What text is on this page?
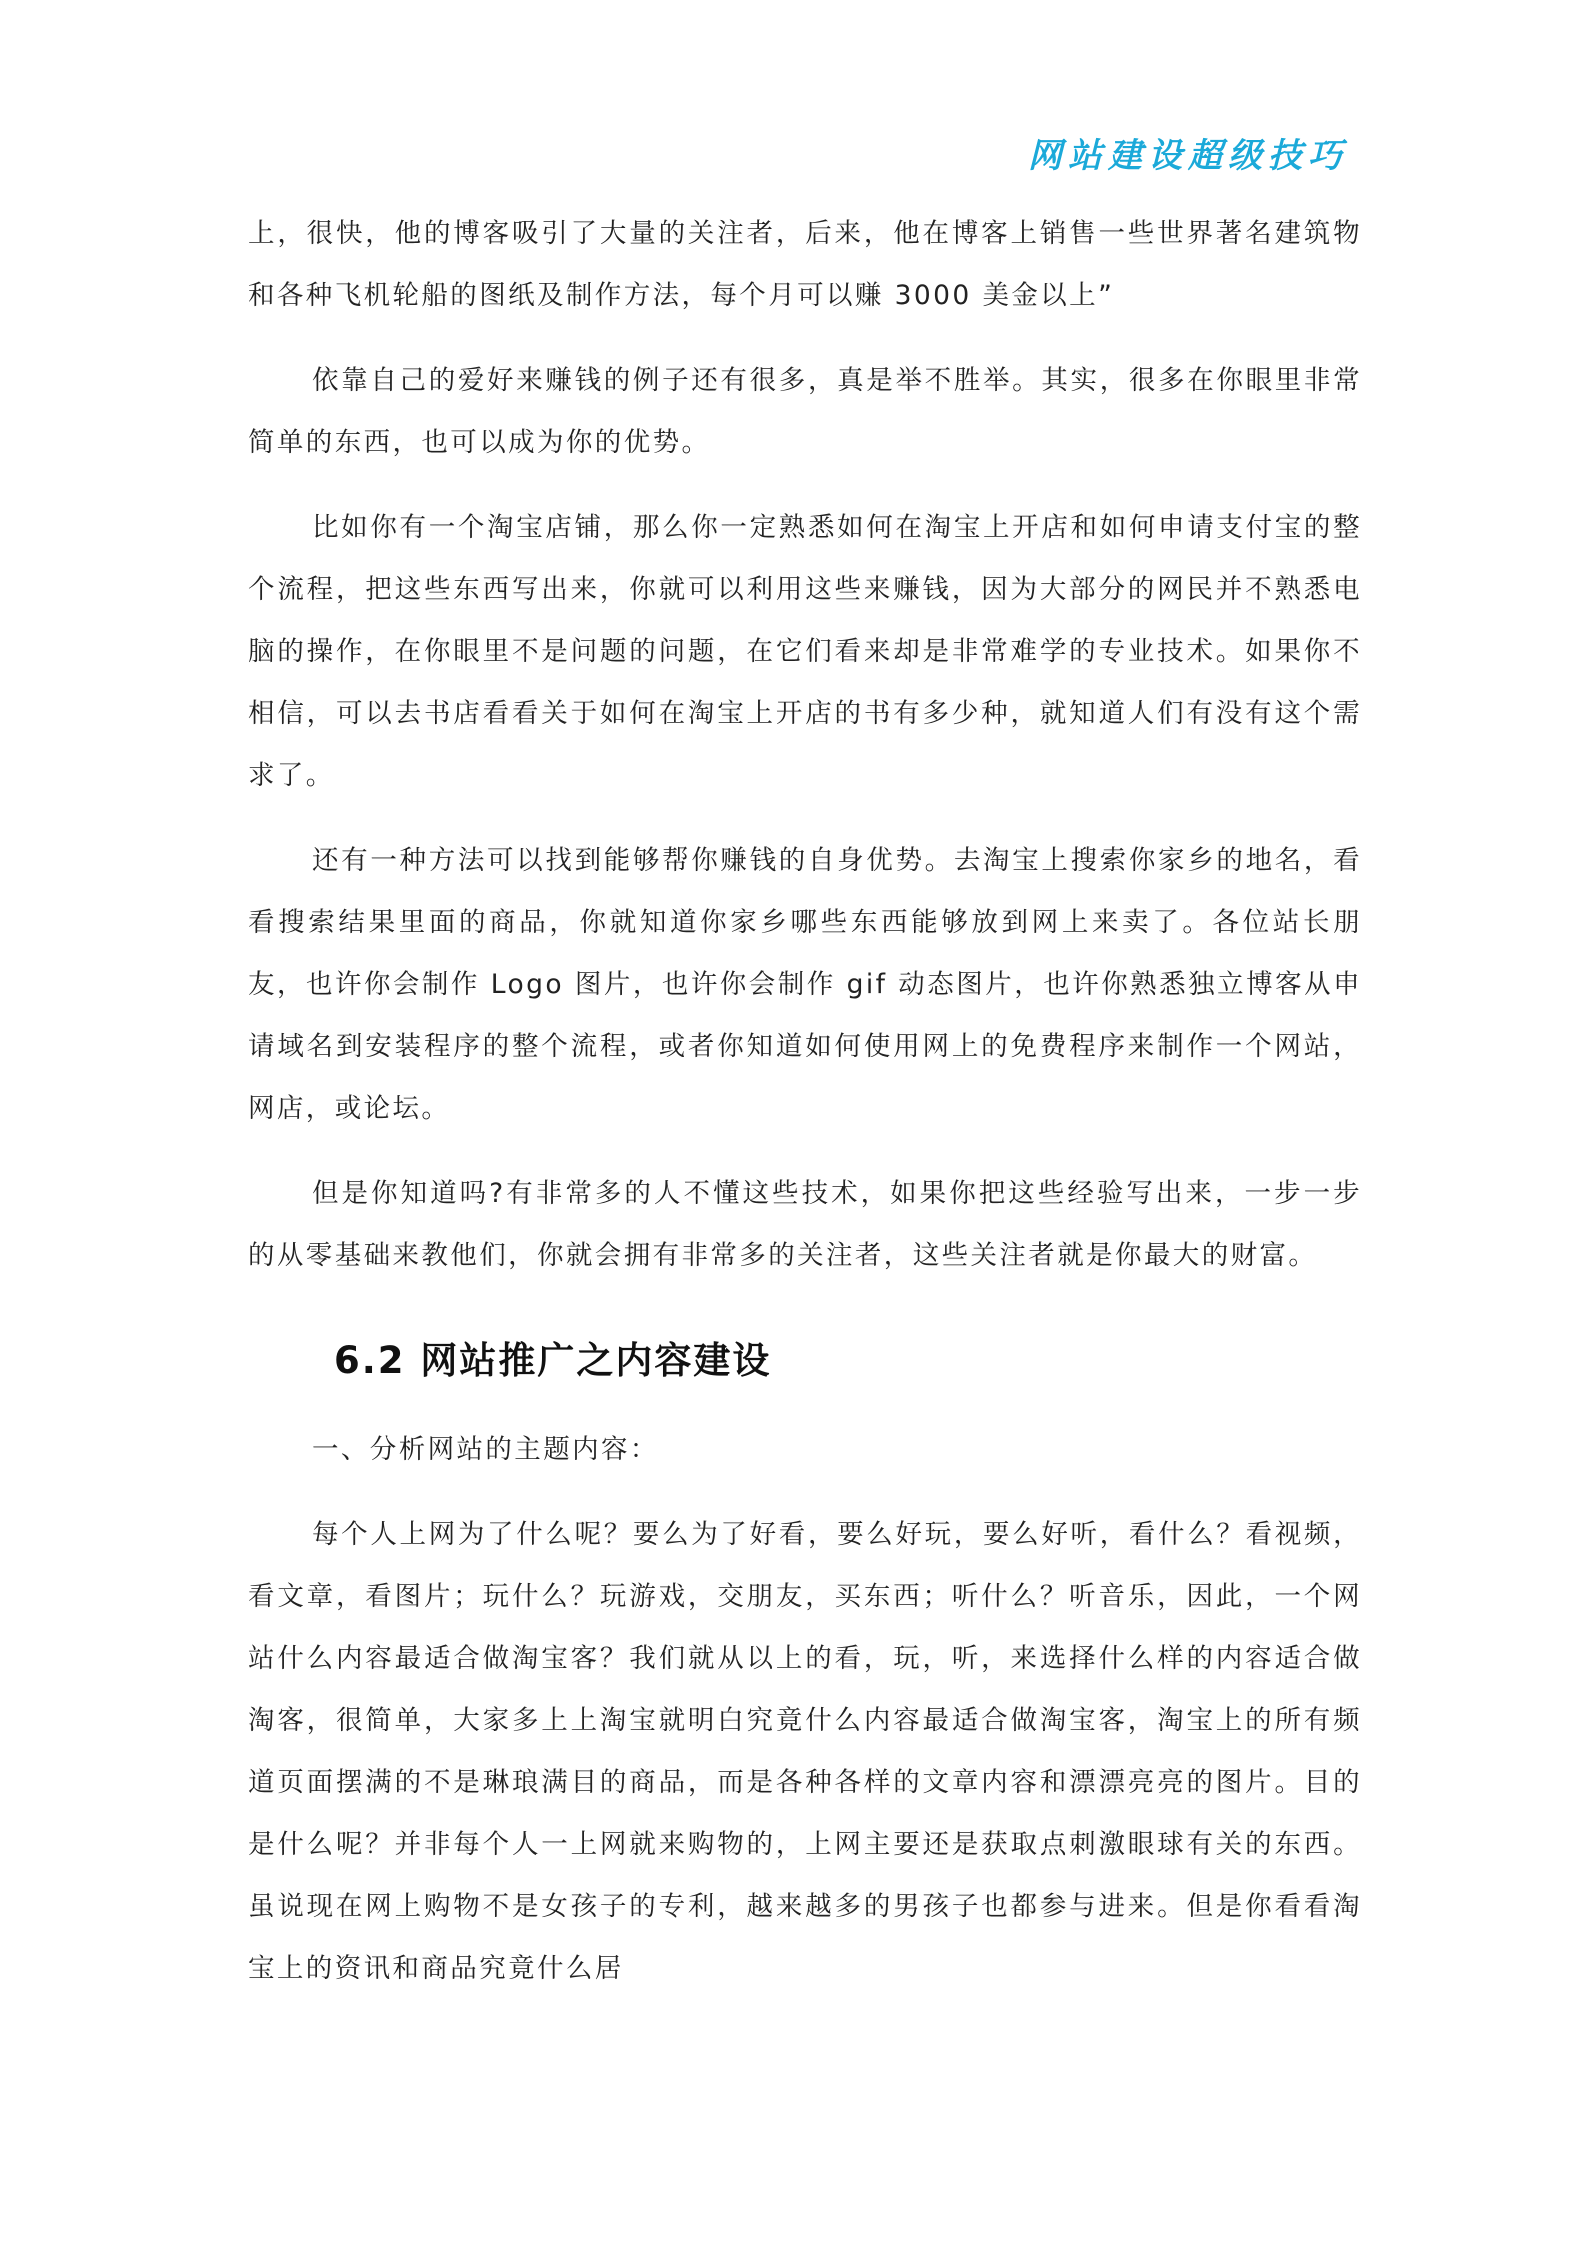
网站建设超级技巧

上，很快，他的博客吸引了大量的关注者，后来，他在博客上销售一些世界著名建筑物和各种飞机轮船的图纸及制作方法，每个月可以赚 3000 美金以上”

依靠自己的爱好来赚钱的例子还有很多，真是举不胜举。其实，很多在你眼里非常简单的东西，也可以成为你的优势。

比如你有一个淘宝店铺，那么你一定熟悉如何在淘宝上开店和如何申请支付宝的整个流程，把这些东西写出来，你就可以利用这些来赚钱，因为大部分的网民并不熟悉电脑的操作，在你眼里不是问题的问题，在它们看来却是非常难学的专业技术。如果你不相信，可以去书店看看关于如何在淘宝上开店的书有多少种，就知道人们有没有这个需求了。

还有一种方法可以找到能够帮你赚钱的自身优势。去淘宝上搜索你家乡的地名，看看搜索结果里面的商品，你就知道你家乡哪些东西能够放到网上来卖了。各位站长朋友，也许你会制作 Logo 图片，也许你会制作 gif 动态图片，也许你熟悉独立博客从申请域名到安装程序的整个流程，或者你知道如何使用网上的免费程序来制作一个网站，网店，或论坛。

但是你知道吗?有非常多的人不懂这些技术，如果你把这些经验写出来，一步一步的从零基础来教他们，你就会拥有非常多的关注者，这些关注者就是你最大的财富。

6.2 网站推广之内容建设
一、分析网站的主题内容：

每个人上网为了什么呢？要么为了好看，要么好玩，要么好听，看什么？看视频，看文章，看图片；玩什么？玩游戏，交朋友，买东西；听什么？听音乐，因此，一个网站什么内容最适合做淘宝客？我们就从以上的看，玩，听，来选择什么样的内容适合做淘客，很简单，大家多上上淘宝就明白究竟什么内容最适合做淘宝客，淘宝上的所有频道页面摆满的不是琳琅满目的商品，而是各种各样的文章内容和漂漂亮亮的图片。目的是什么呢？并非每个人一上网就来购物的，上网主要还是获取点刺激眼球有关的东西。虽说现在网上购物不是女孩子的专利，越来越多的男孩子也都参与进来。但是你看看淘宝上的资讯和商品究竟什么居
